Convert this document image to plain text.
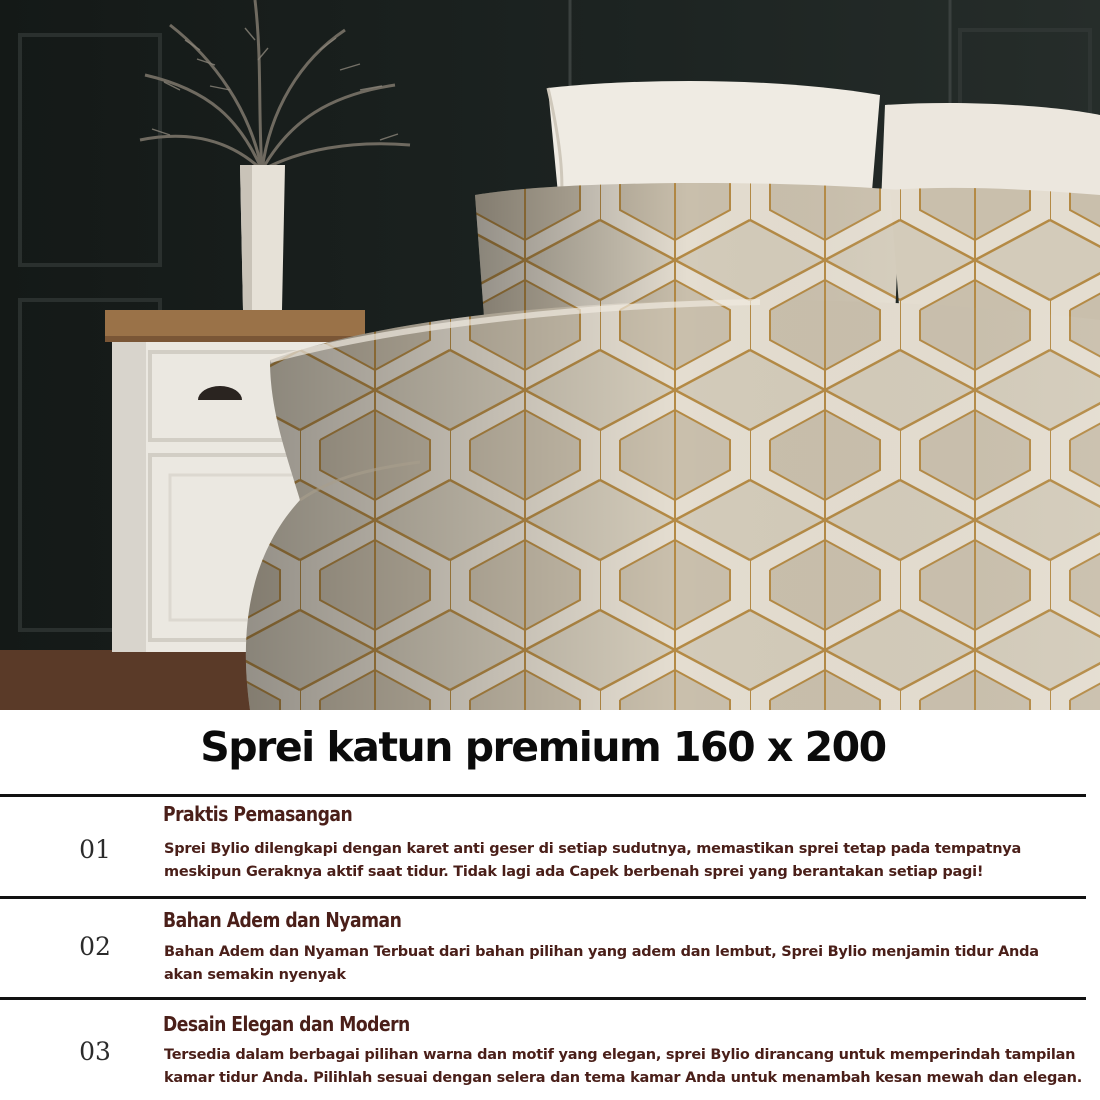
Sprei katun premium 160 x 200
01
Praktis Pemasangan
Sprei Bylio dilengkapi dengan karet anti geser di setiap sudutnya, memastikan sprei tetap pada tempatnya meskipun Geraknya aktif saat tidur. Tidak lagi ada Capek berbenah sprei yang berantakan setiap pagi!
02
Bahan Adem dan Nyaman
Bahan Adem dan Nyaman Terbuat dari bahan pilihan yang adem dan lembut, Sprei Bylio menjamin tidur Anda akan semakin nyenyak
03
Desain Elegan dan Modern
Tersedia dalam berbagai pilihan warna dan motif yang elegan, sprei Bylio dirancang untuk memperindah tampilan kamar tidur Anda. Pilihlah sesuai dengan selera dan tema kamar Anda untuk menambah kesan mewah dan elegan.
